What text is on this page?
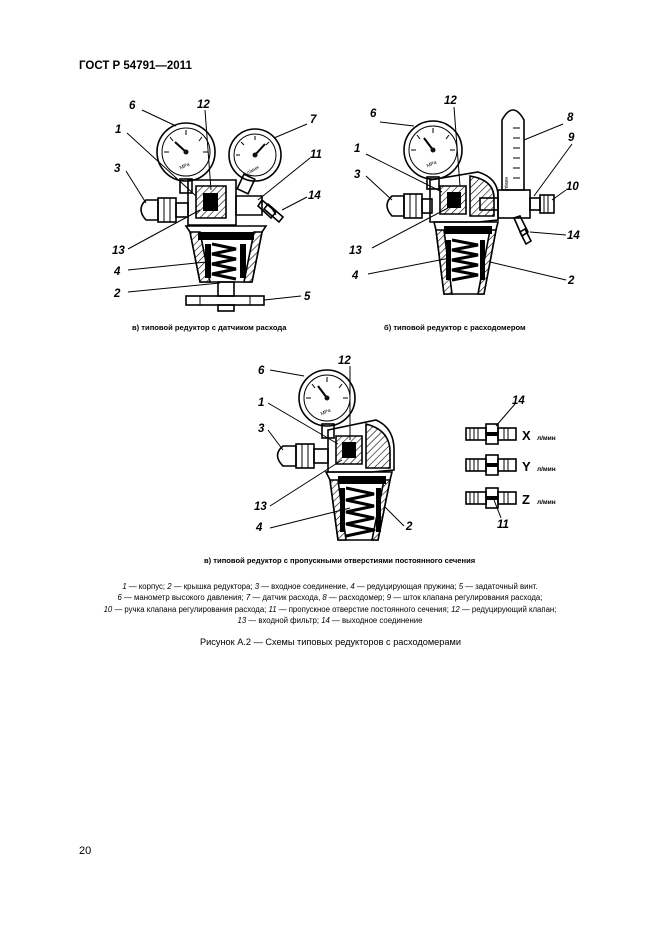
ГОСТ Р 54791—2011
MPa	л/мин
6	12
7
1
11
3
14
13
4
2	5
MPa
л/мин
6
12
8
1
9
3
10
13
14
4	2
MPa
6
12
1
3
13
4	2
14
11
X л/мин
Y л/мин
Z л/мин
в) типовой редуктор с датчиком расхода	б) типовой редуктор с расходомером
в) типовой редуктор с пропускными отверстиями постоянного сечения
1 — корпус; 2 — крышка редуктора; 3 — входное соединение, 4 — редуцирующая пружина; 5 — задаточный винт.
6 — манометр высокого давления; 7 — датчик расхода, 8 — расходомер; 9 — шток клапана регулирования расхода;
10 — ручка клапана регулирования расхода; 11 — пропускное отверстие постоянного сечения; 12 — редуцирующий клапан;
13 — входной фильтр; 14 — выходное соединение
Рисунок А.2 — Схемы типовых редукторов с расходомерами
20
